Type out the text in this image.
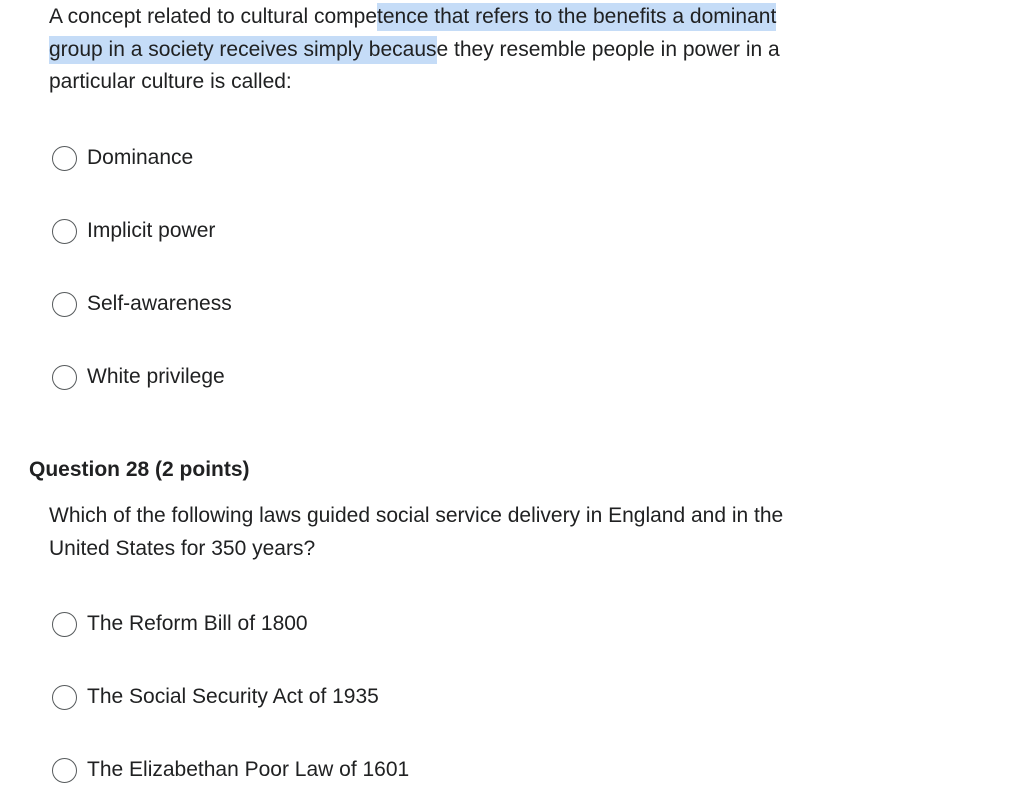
A concept related to cultural competence that refers to the benefits a dominant
group in a society receives simply because they resemble people in power in a
particular culture is called:

Dominance
Implicit power
Self-awareness
White privilege
Question 28 (2 points)

Which of the following laws guided social service delivery in England and in the
United States for 350 years?

The Reform Bill of 1800
The Social Security Act of 1935
The Elizabethan Poor Law of 1601
